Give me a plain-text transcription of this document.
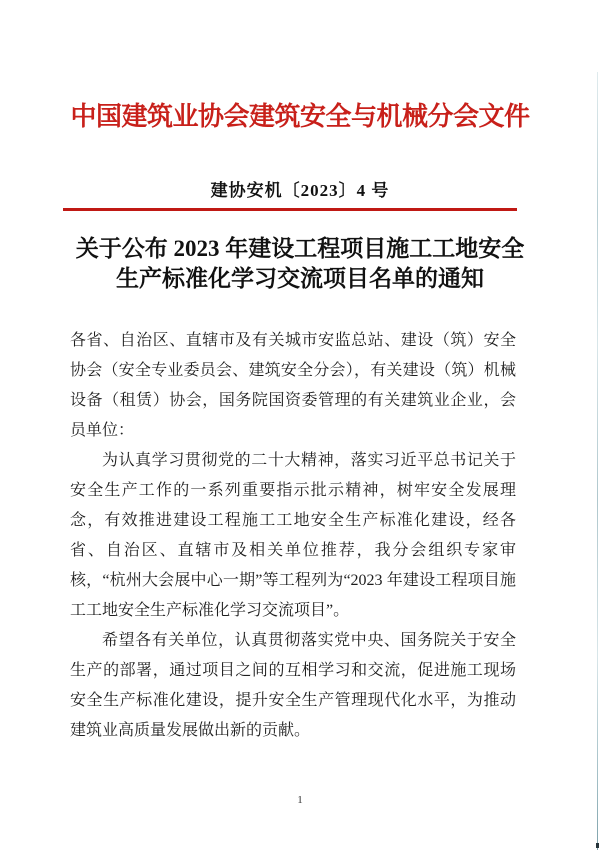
中国建筑业协会建筑安全与机械分会文件
建协安机〔2023〕4 号
关于公布 2023 年建设工程项目施工工地安全
生产标准化学习交流项目名单的通知

各省、自治区、直辖市及有关城市安监总站、建设（筑）安全协会（安全专业委员会、建筑安全分会），有关建设（筑）机械设备（租赁）协会，国务院国资委管理的有关建筑业企业，会员单位：

为认真学习贯彻党的二十大精神，落实习近平总书记关于安全生产工作的一系列重要指示批示精神，树牢安全发展理念，有效推进建设工程施工工地安全生产标准化建设，经各省、自治区、直辖市及相关单位推荐，我分会组织专家审核，“杭州大会展中心一期”等工程列为“2023 年建设工程项目施工工地安全生产标准化学习交流项目”。

希望各有关单位，认真贯彻落实党中央、国务院关于安全生产的部署，通过项目之间的互相学习和交流，促进施工现场安全生产标准化建设，提升安全生产管理现代化水平，为推动建筑业高质量发展做出新的贡献。

1
